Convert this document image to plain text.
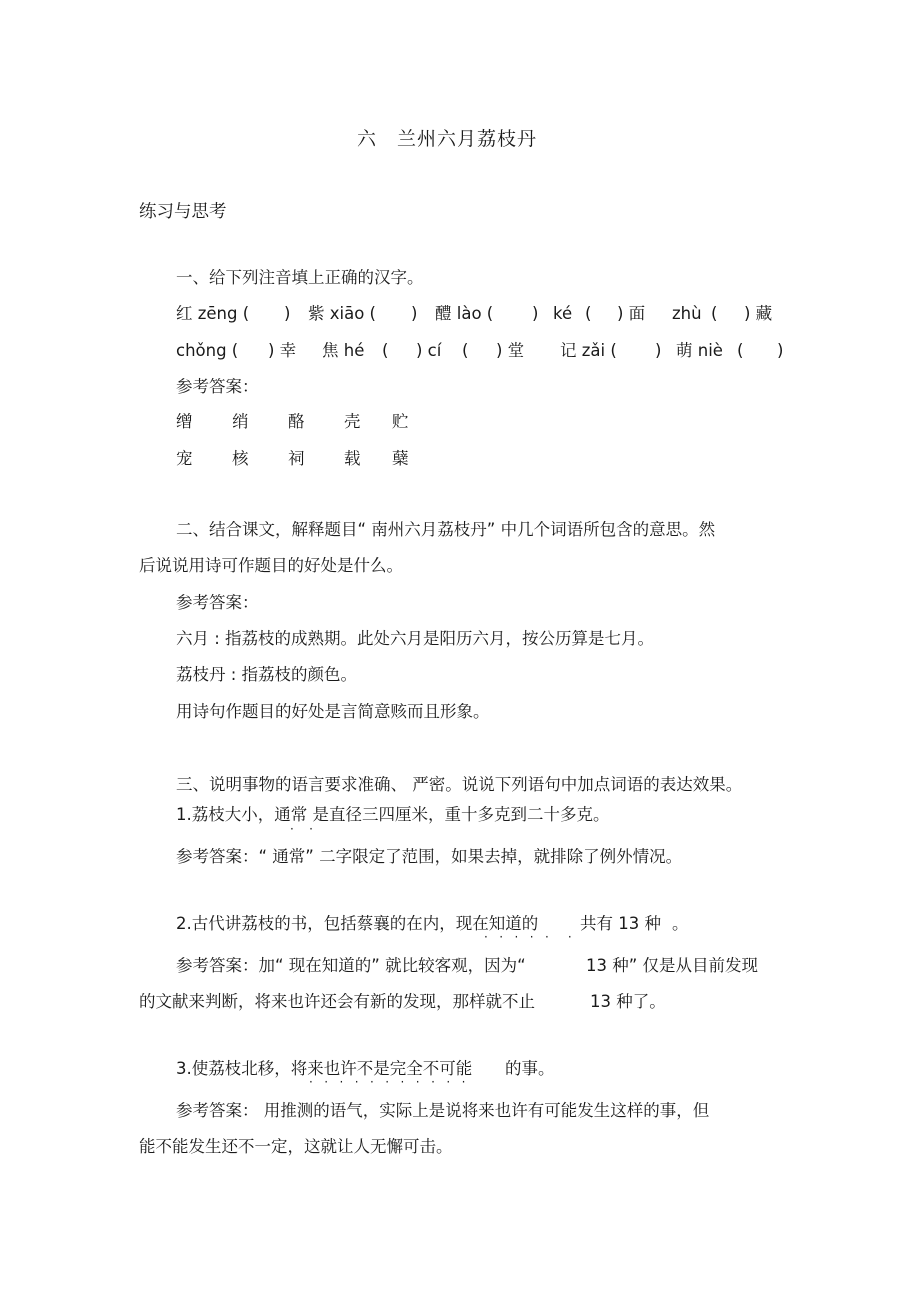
六　兰州六月荔枝丹
练习与思考
一、给下列注音填上正确的汉字。
红 zēng ( ) 紫 xiāo ( ) 醴 lào ( ) ké ( ) 面 zhù ( ) 藏
chǒng ( ) 幸 焦 hé ( ) cí ( ) 堂 记 zǎi ( ) 萌 niè ( )
参考答案：
缯 绡 酪 壳 贮
宠 核 祠 载 蘖
二、结合课文，解释题目“ 南州六月荔枝丹” 中几个词语所包含的意思。然
后说说用诗可作题目的好处是什么。
参考答案：
六月 : 指荔枝的成熟期。此处六月是阳历六月，按公历算是七月。
荔枝丹 : 指荔枝的颜色。
用诗句作题目的好处是言简意赅而且形象。
三、说明事物的语言要求准确、 严密。说说下列语句中加点词语的表达效果。
1.荔枝大小，通常 是直径三四厘米，重十多克到二十多克。
·    ·
参考答案：“ 通常” 二字限定了范围，如果去掉，就排除了例外情况。
2.古代讲荔枝的书，包括蔡襄的在内，现在知道的	共有 13 种 。
·   ·   ·   ·   ·     ·
参考答案：加“ 现在知道的” 就比较客观，因为“	13 种” 仅是从目前发现
的文献来判断，将来也许还会有新的发现，那样就不止	13 种了。
3.使荔枝北移，将来也许不是完全不可能 的事。
·   ·   ·   ·   ·   ·   ·   ·   ·   ·   ·
参考答案： 用推测的语气，实际上是说将来也许有可能发生这样的事，但
能不能发生还不一定，这就让人无懈可击。
